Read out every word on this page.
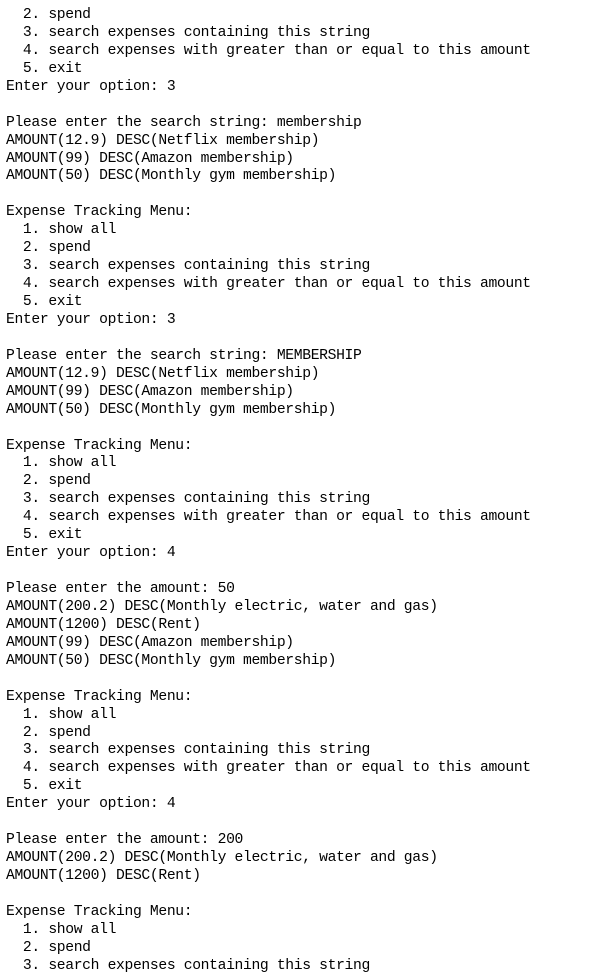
2. spend
3. search expenses containing this string
4. search expenses with greater than or equal to this amount
5. exit
Enter your option: 3
Please enter the search string: membership
AMOUNT(12.9) DESC(Netflix membership)
AMOUNT(99) DESC(Amazon membership)
AMOUNT(50) DESC(Monthly gym membership)
Expense Tracking Menu:
1. show all
2. spend
3. search expenses containing this string
4. search expenses with greater than or equal to this amount
5. exit
Enter your option: 3
Please enter the search string: MEMBERSHIP
AMOUNT(12.9) DESC(Netflix membership)
AMOUNT(99) DESC(Amazon membership)
AMOUNT(50) DESC(Monthly gym membership)
Expense Tracking Menu:
1. show all
2. spend
3. search expenses containing this string
4. search expenses with greater than or equal to this amount
5. exit
Enter your option: 4
Please enter the amount: 50
AMOUNT(200.2) DESC(Monthly electric, water and gas)
AMOUNT(1200) DESC(Rent)
AMOUNT(99) DESC(Amazon membership)
AMOUNT(50) DESC(Monthly gym membership)
Expense Tracking Menu:
1. show all
2. spend
3. search expenses containing this string
4. search expenses with greater than or equal to this amount
5. exit
Enter your option: 4
Please enter the amount: 200
AMOUNT(200.2) DESC(Monthly electric, water and gas)
AMOUNT(1200) DESC(Rent)
Expense Tracking Menu:
1. show all
2. spend
3. search expenses containing this string
